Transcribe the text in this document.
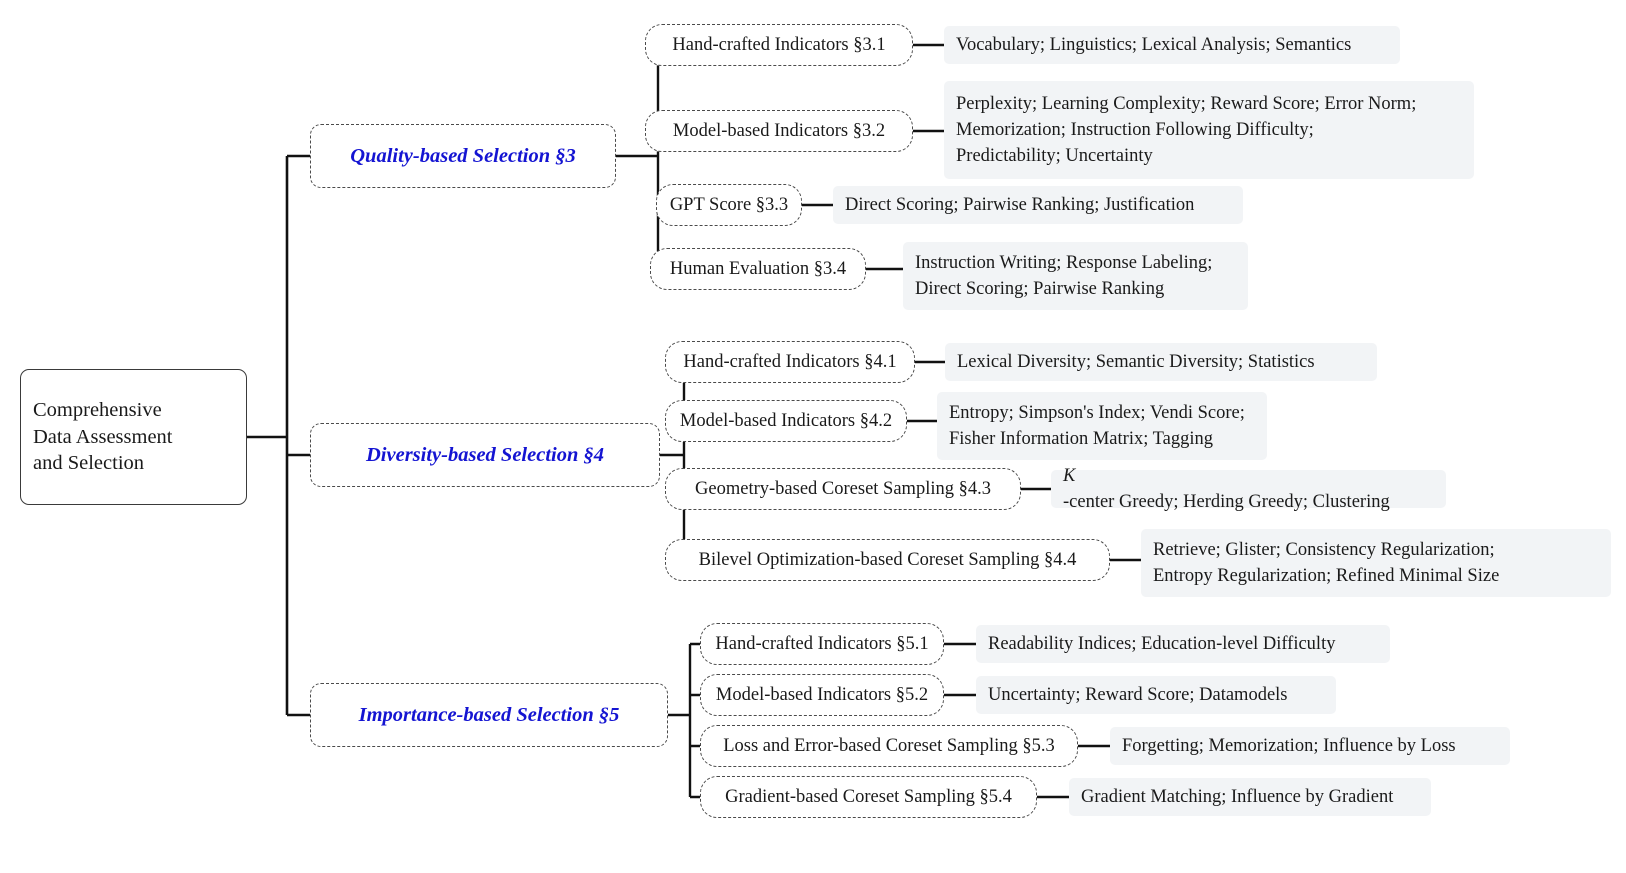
Comprehensive
Data Assessment
and Selection
Quality-based Selection §3
Diversity-based Selection §4
Importance-based Selection §5
Hand-crafted Indicators §3.1
Model-based Indicators §3.2
GPT Score §3.3
Human Evaluation §3.4
Vocabulary; Linguistics; Lexical Analysis; Semantics
Perplexity; Learning Complexity; Reward Score; Error Norm;
Memorization; Instruction Following Difficulty;
Predictability; Uncertainty
Direct Scoring; Pairwise Ranking; Justification
Instruction Writing; Response Labeling;
Direct Scoring; Pairwise Ranking
Hand-crafted Indicators §4.1
Model-based Indicators §4.2
Geometry-based Coreset Sampling §4.3
Bilevel Optimization-based Coreset Sampling §4.4
Lexical Diversity; Semantic Diversity; Statistics
Entropy; Simpson's Index; Vendi Score;
Fisher Information Matrix; Tagging
K
-center Greedy; Herding Greedy; Clustering
Retrieve; Glister; Consistency Regularization;
Entropy Regularization; Refined Minimal Size
Hand-crafted Indicators §5.1
Model-based Indicators §5.2
Loss and Error-based Coreset Sampling §5.3
Gradient-based Coreset Sampling §5.4
Readability Indices; Education-level Difficulty
Uncertainty; Reward Score; Datamodels
Forgetting; Memorization; Influence by Loss
Gradient Matching; Influence by Gradient
